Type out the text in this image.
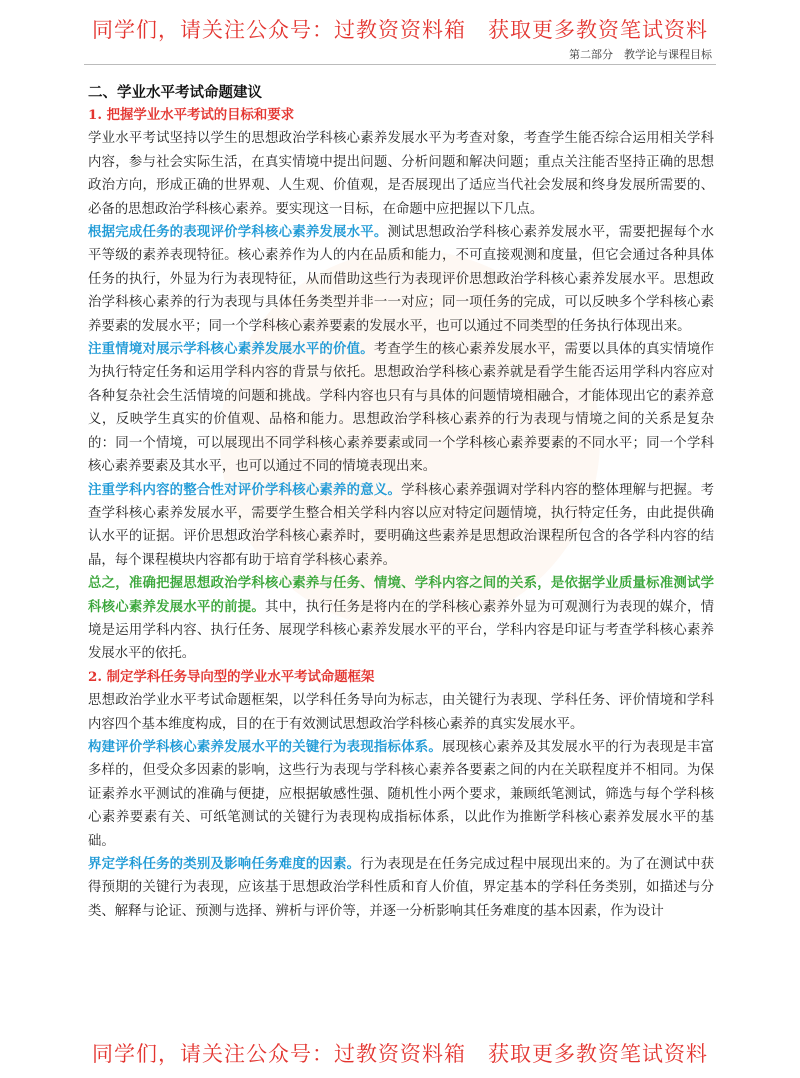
同学们，请关注公众号：过教资资料箱　获取更多教资笔试资料
第二部分　教学论与课程目标
二、学业水平考试命题建议
1. 把握学业水平考试的目标和要求

学业水平考试坚持以学生的思想政治学科核心素养发展水平为考查对象，考查学生能否综合运用相关学科内容，参与社会实际生活，在真实情境中提出问题、分析问题和解决问题；重点关注能否坚持正确的思想政治方向，形成正确的世界观、人生观、价值观，是否展现出了适应当代社会发展和终身发展所需要的、必备的思想政治学科核心素养。要实现这一目标，在命题中应把握以下几点。

根据完成任务的表现评价学科核心素养发展水平。测试思想政治学科核心素养发展水平，需要把握每个水平等级的素养表现特征。核心素养作为人的内在品质和能力，不可直接观测和度量，但它会通过各种具体任务的执行，外显为行为表现特征，从而借助这些行为表现评价思想政治学科核心素养发展水平。思想政治学科核心素养的行为表现与具体任务类型并非一一对应；同一项任务的完成，可以反映多个学科核心素养要素的发展水平；同一个学科核心素养要素的发展水平，也可以通过不同类型的任务执行体现出来。

注重情境对展示学科核心素养发展水平的价值。考查学生的核心素养发展水平，需要以具体的真实情境作为执行特定任务和运用学科内容的背景与依托。思想政治学科核心素养就是看学生能否运用学科内容应对各种复杂社会生活情境的问题和挑战。学科内容也只有与具体的问题情境相融合，才能体现出它的素养意义，反映学生真实的价值观、品格和能力。思想政治学科核心素养的行为表现与情境之间的关系是复杂的：同一个情境，可以展现出不同学科核心素养要素或同一个学科核心素养要素的不同水平；同一个学科核心素养要素及其水平，也可以通过不同的情境表现出来。

注重学科内容的整合性对评价学科核心素养的意义。学科核心素养强调对学科内容的整体理解与把握。考查学科核心素养发展水平，需要学生整合相关学科内容以应对特定问题情境，执行特定任务，由此提供确认水平的证据。评价思想政治学科核心素养时，要明确这些素养是思想政治课程所包含的各学科内容的结晶，每个课程模块内容都有助于培育学科核心素养。

总之，准确把握思想政治学科核心素养与任务、情境、学科内容之间的关系，是依据学业质量标准测试学科核心素养发展水平的前提。其中，执行任务是将内在的学科核心素养外显为可观测行为表现的媒介，情境是运用学科内容、执行任务、展现学科核心素养发展水平的平台，学科内容是印证与考查学科核心素养发展水平的依托。

2. 制定学科任务导向型的学业水平考试命题框架

思想政治学业水平考试命题框架，以学科任务导向为标志，由关键行为表现、学科任务、评价情境和学科内容四个基本维度构成，目的在于有效测试思想政治学科核心素养的真实发展水平。

构建评价学科核心素养发展水平的关键行为表现指标体系。展现核心素养及其发展水平的行为表现是丰富多样的，但受众多因素的影响，这些行为表现与学科核心素养各要素之间的内在关联程度并不相同。为保证素养水平测试的准确与便捷，应根据敏感性强、随机性小两个要求，兼顾纸笔测试，筛选与每个学科核心素养要素有关、可纸笔测试的关键行为表现构成指标体系，以此作为推断学科核心素养发展水平的基础。

界定学科任务的类别及影响任务难度的因素。行为表现是在任务完成过程中展现出来的。为了在测试中获得预期的关键行为表现，应该基于思想政治学科性质和育人价值，界定基本的学科任务类别，如描述与分类、解释与论证、预测与选择、辨析与评价等，并逐一分析影响其任务难度的基本因素，作为设计

同学们，请关注公众号：过教资资料箱　获取更多教资笔试资料
